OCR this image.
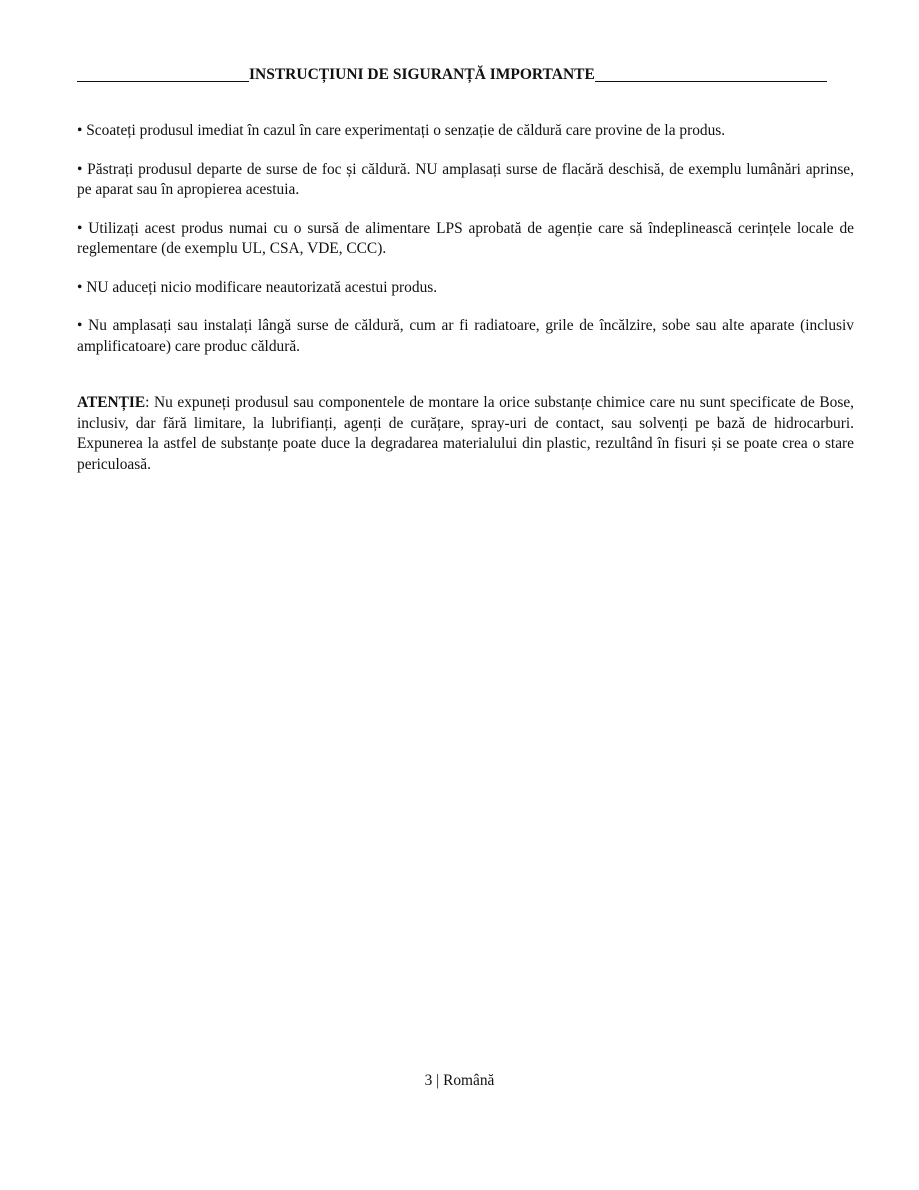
INSTRUCȚIUNI DE SIGURANȚĂ IMPORTANTE

• Scoateți produsul imediat în cazul în care experimentați o senzație de căldură care provine de la produs.

• Păstrați produsul departe de surse de foc și căldură. NU amplasați surse de flacără deschisă, de exemplu lumânări aprinse, pe aparat sau în apropierea acestuia.

• Utilizați acest produs numai cu o sursă de alimentare LPS aprobată de agenție care să îndeplinească cerințele locale de reglementare (de exemplu UL, CSA, VDE, CCC).

• NU aduceți nicio modificare neautorizată acestui produs.

• Nu amplasați sau instalați lângă surse de căldură, cum ar fi radiatoare, grile de încălzire, sobe sau alte aparate (inclusiv amplificatoare) care produc căldură.

ATENȚIE: Nu expuneți produsul sau componentele de montare la orice substanțe chimice care nu sunt specificate de Bose, inclusiv, dar fără limitare, la lubrifianți, agenți de curățare, spray-uri de contact, sau solvenți pe bază de hidrocarburi. Expunerea la astfel de substanțe poate duce la degradarea materialului din plastic, rezultând în fisuri și se poate crea o stare periculoasă.

3 | Română
